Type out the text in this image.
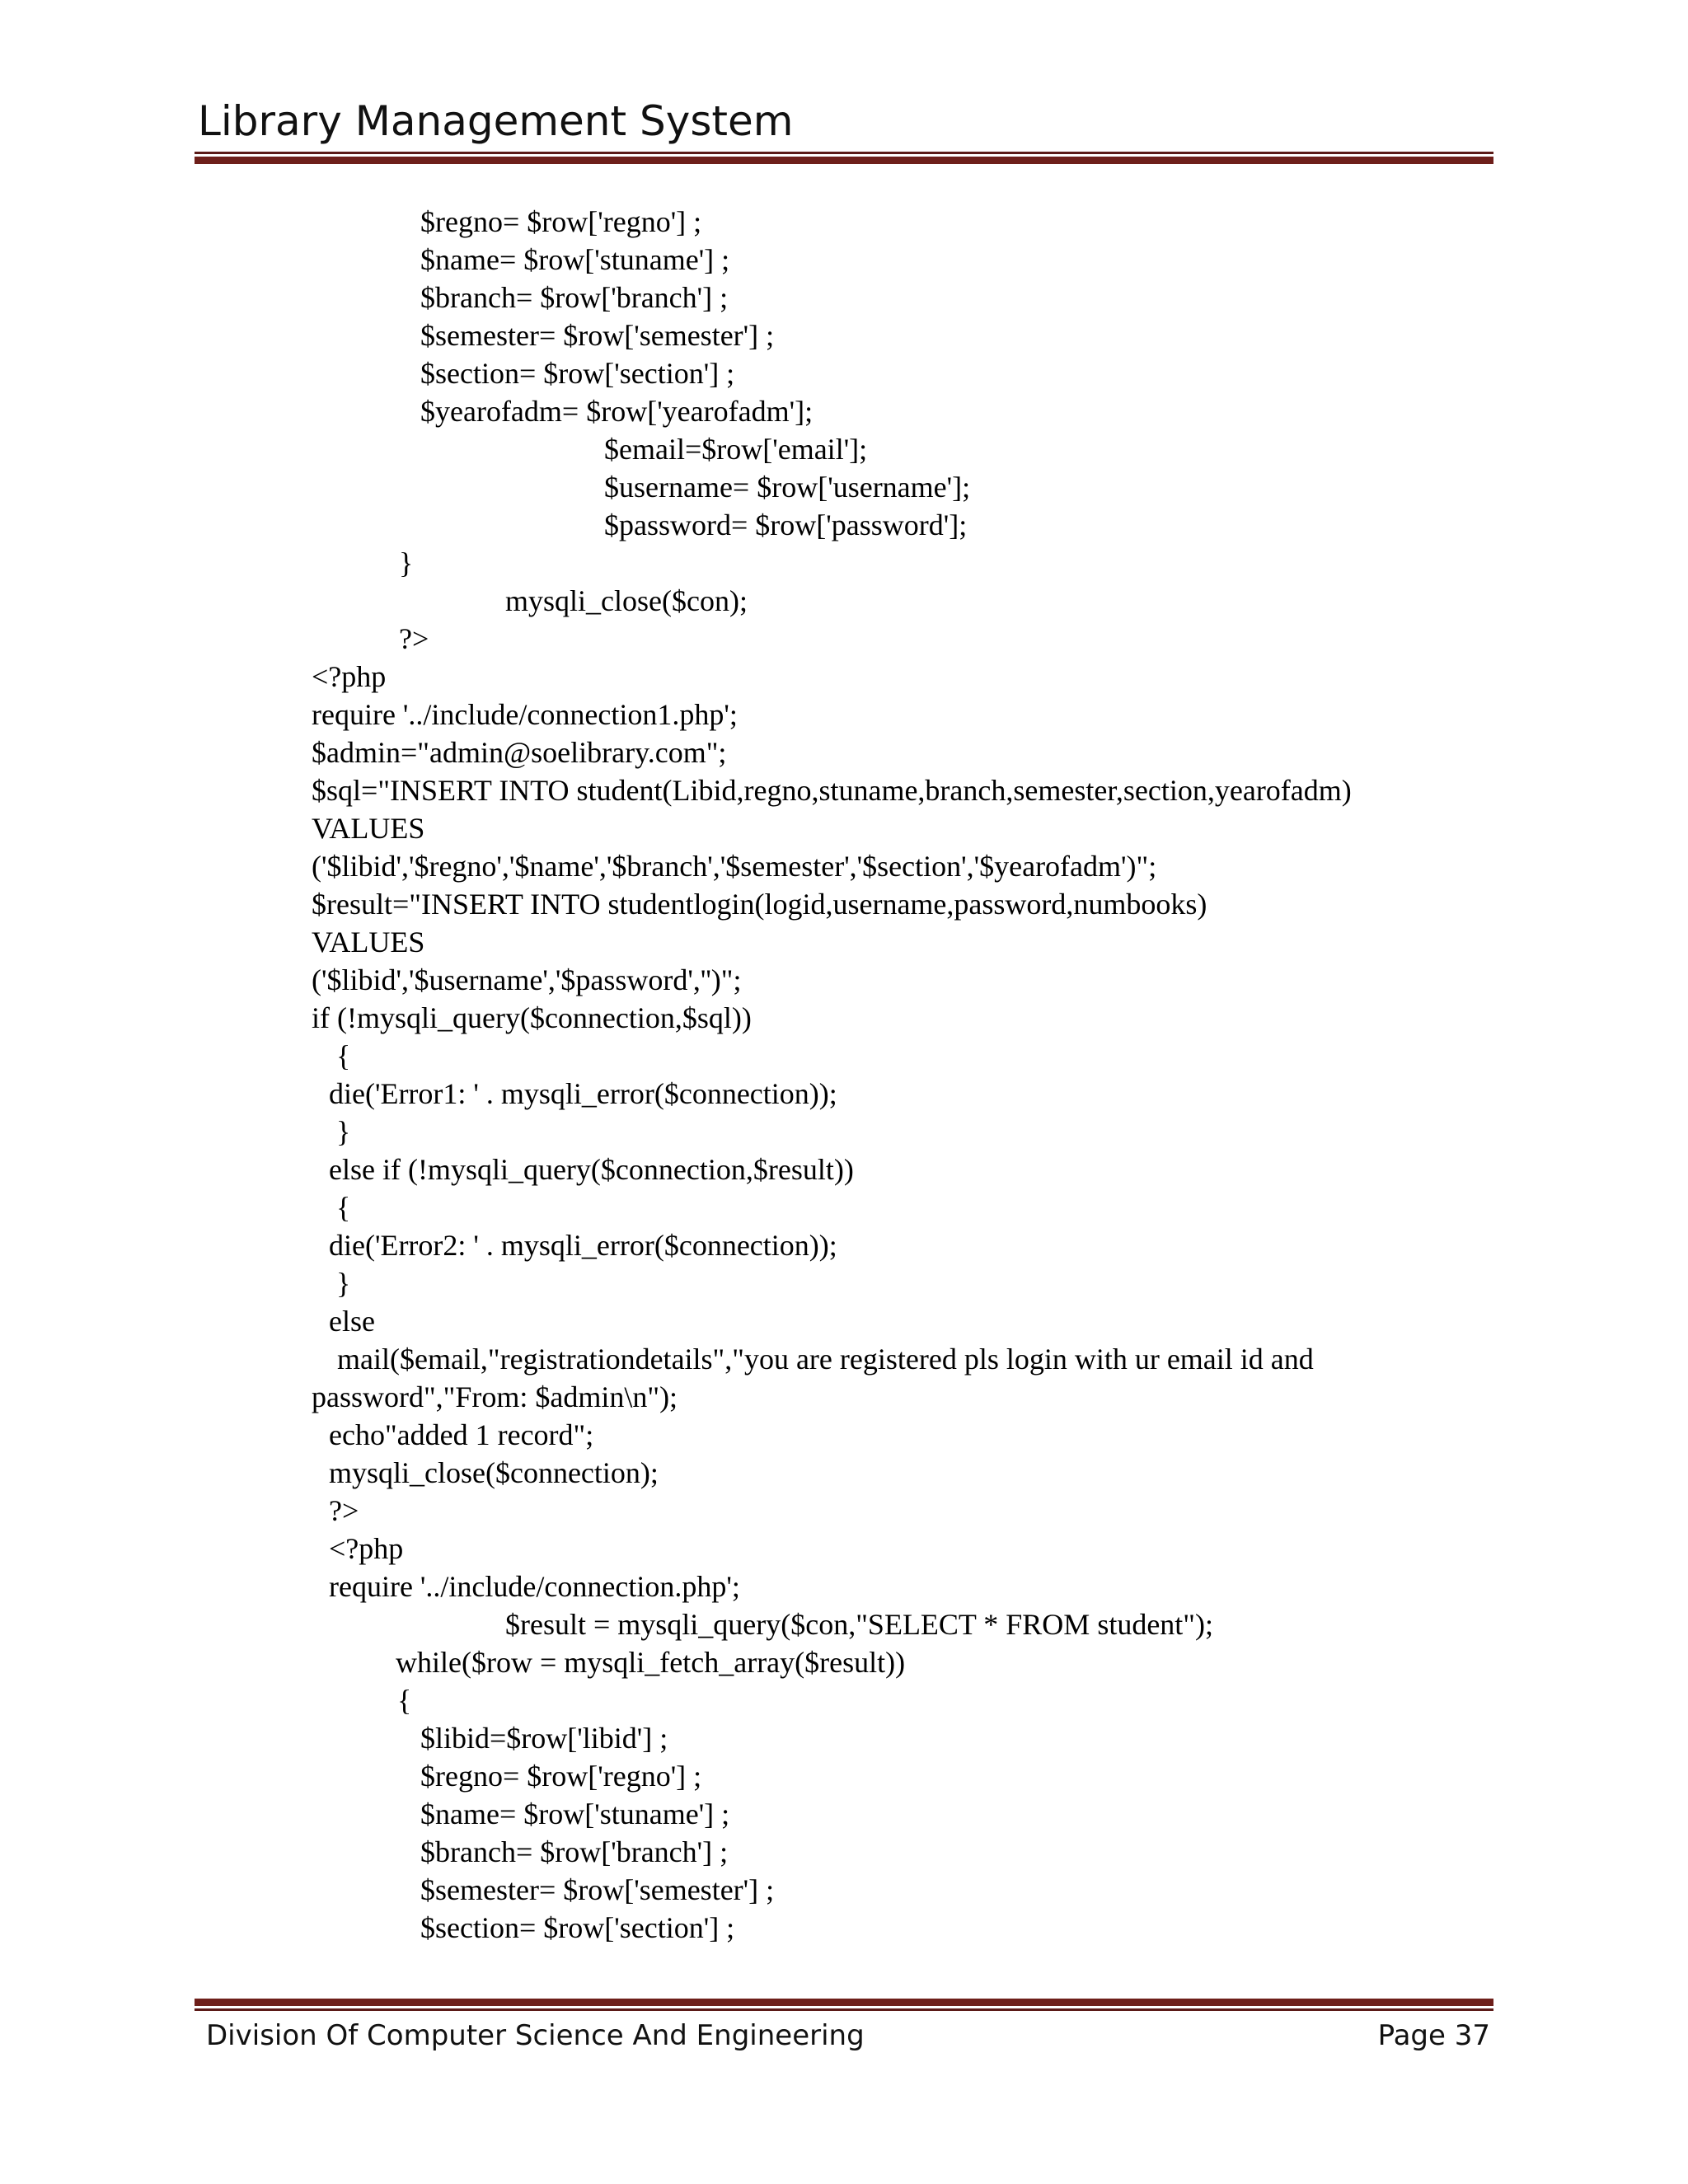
Library Management System
$regno= $row['regno'] ;
$name= $row['stuname'] ;
$branch= $row['branch'] ;
$semester= $row['semester'] ;
$section= $row['section'] ;
$yearofadm= $row['yearofadm'];
$email=$row['email'];
$username= $row['username'];
$password= $row['password'];
}
mysqli_close($con);
?>
<?php
require '../include/connection1.php';
$admin="admin@soelibrary.com";
$sql="INSERT INTO student(Libid,regno,stuname,branch,semester,section,yearofadm)
VALUES
('$libid','$regno','$name','$branch','$semester','$section','$yearofadm')";
$result="INSERT INTO studentlogin(logid,username,password,numbooks)
VALUES
('$libid','$username','$password','')";
if (!mysqli_query($connection,$sql))
{
die('Error1: ' . mysqli_error($connection));
}
else if (!mysqli_query($connection,$result))
{
die('Error2: ' . mysqli_error($connection));
}
else
mail($email,"registrationdetails","you are registered pls login with ur email id and
password","From: $admin\n");
echo"added 1 record";
mysqli_close($connection);
?>
<?php
require '../include/connection.php';
$result = mysqli_query($con,"SELECT * FROM student");
while($row = mysqli_fetch_array($result))
{
$libid=$row['libid'] ;
$regno= $row['regno'] ;
$name= $row['stuname'] ;
$branch= $row['branch'] ;
$semester= $row['semester'] ;
$section= $row['section'] ;
Division Of Computer Science And Engineering	Page 37
